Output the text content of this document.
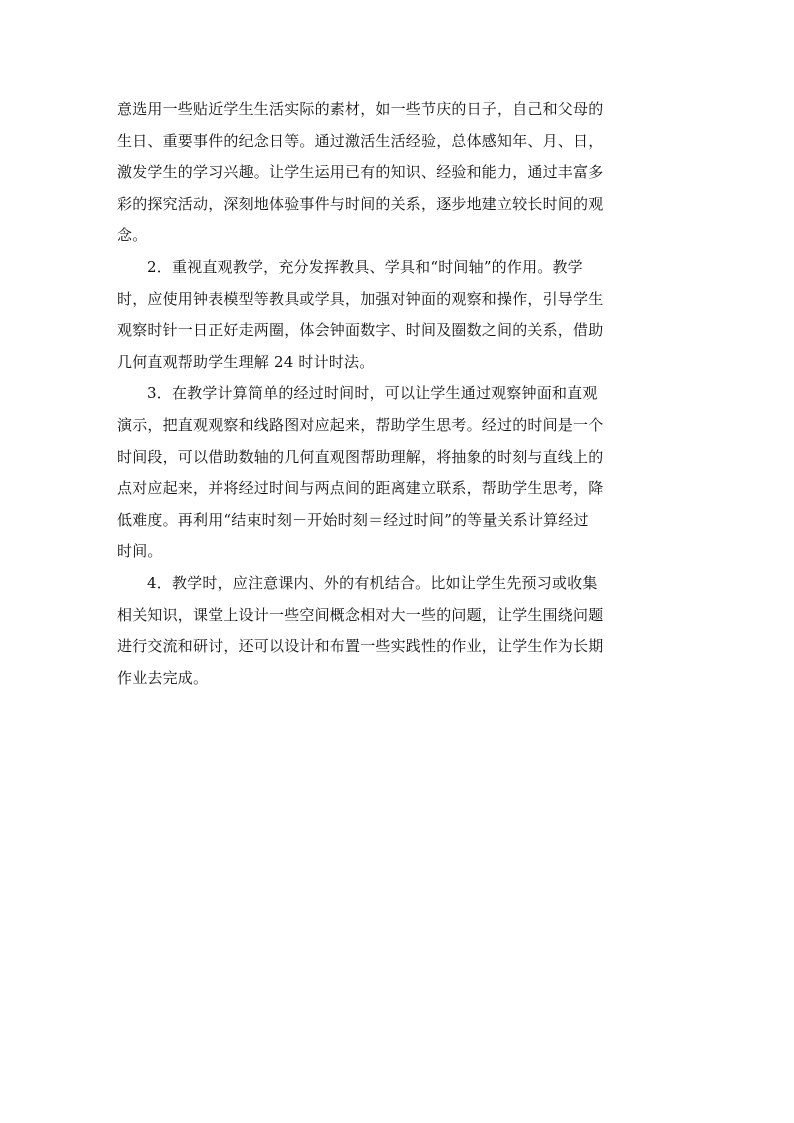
意选用一些贴近学生生活实际的素材，如一些节庆的日子，自己和父母的
生日、重要事件的纪念日等。通过激活生活经验，总体感知年、月、日，
激发学生的学习兴趣。让学生运用已有的知识、经验和能力，通过丰富多
彩的探究活动，深刻地体验事件与时间的关系，逐步地建立较长时间的观
念。
2．重视直观教学，充分发挥教具、学具和“时间轴”的作用。教学
时，应使用钟表模型等教具或学具，加强对钟面的观察和操作，引导学生
观察时针一日正好走两圈，体会钟面数字、时间及圈数之间的关系，借助
几何直观帮助学生理解 24 时计时法。
3．在教学计算简单的经过时间时，可以让学生通过观察钟面和直观
演示，把直观观察和线路图对应起来，帮助学生思考。经过的时间是一个
时间段，可以借助数轴的几何直观图帮助理解，将抽象的时刻与直线上的
点对应起来，并将经过时间与两点间的距离建立联系，帮助学生思考，降
低难度。再利用“结束时刻－开始时刻＝经过时间”的等量关系计算经过
时间。
4．教学时，应注意课内、外的有机结合。比如让学生先预习或收集
相关知识，课堂上设计一些空间概念相对大一些的问题，让学生围绕问题
进行交流和研讨，还可以设计和布置一些实践性的作业，让学生作为长期
作业去完成。
